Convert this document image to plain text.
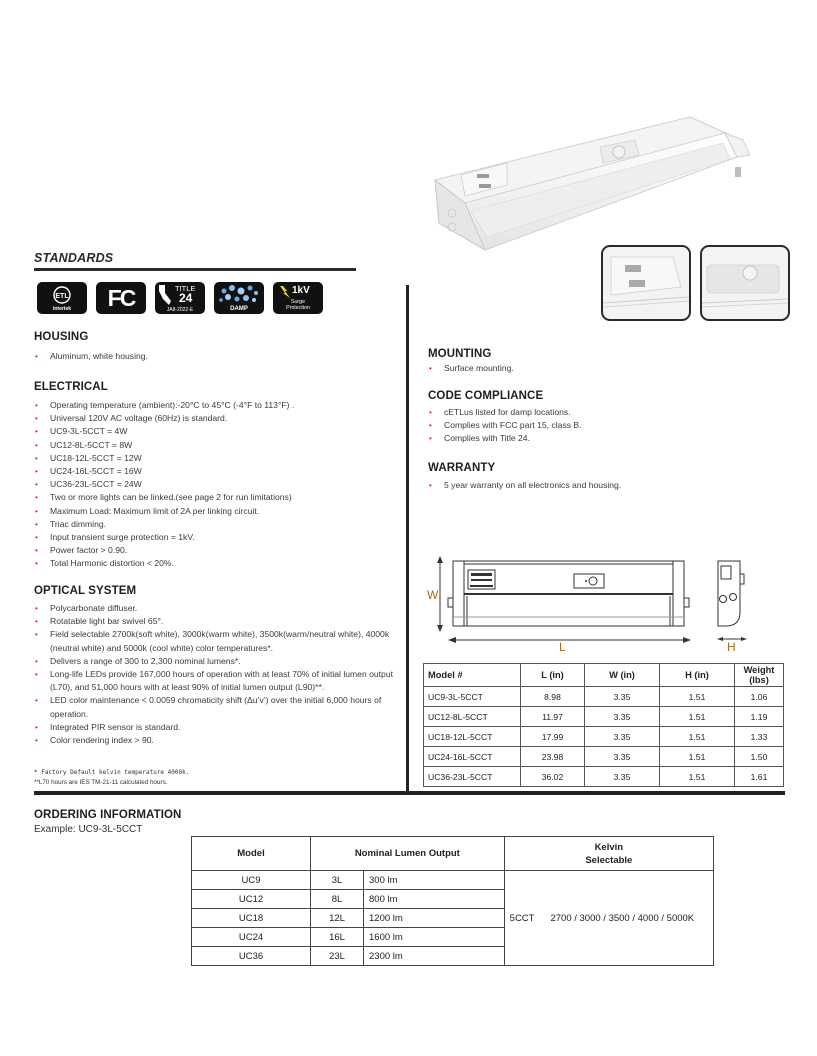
STANDARDS
ETL
Intertek	FC	TITLE
24
JA8-2022-E	DAMP
1kV
Surge
Protection
HOUSING
• Aluminum, white housing.
ELECTRICAL
• Operating temperature (ambient):-20°C to 45°C (-4°F to 113°F) .
• Universal 120V AC voltage (60Hz) is standard.
• UC9-3L-5CCT = 4W
• UC12-8L-5CCT = 8W
• UC18-12L-5CCT = 12W
• UC24-16L-5CCT = 16W
• UC36-23L-5CCT = 24W
• Two or more lights can be linked.(see page 2 for run limitations)
• Maximum Load: Maximum limit of 2A per linking circuit.
• Triac dimming.
• Input transient surge protection = 1kV.
• Power factor > 0.90.
• Total Harmonic distortion < 20%.
OPTICAL SYSTEM
• Polycarbonate diffuser.
• Rotatable light bar swivel 65°.
• Field selectable 2700k(soft white), 3000k(warm white), 3500k(warm/neutral white), 4000k (neutral white) and 5000k (cool white) color temperatures*.
• Delivers a range of 300 to 2,300 nominal lumens*.
• Long-life LEDs provide 167,000 hours of operation with at least 70% of initial lumen output (L70), and 51,000 hours with at least 90% of initial lumen output (L90)**.
• LED color maintenance < 0.0059 chromaticity shift (Δu’v’) over the initial 6,000 hours of operation.
• Integrated PIR sensor is standard.
• Color rendering index > 90.
* Factory Default kelvin temperature 4000k.
**L70 hours are IES TM-21-11 calculated hours.
MOUNTING
• Surface mounting.
CODE COMPLIANCE
• cETLus listed for damp locations.
• Complies with FCC part 15, class B.
• Complies with Title 24.
WARRANTY
• 5 year warranty on all electronics and housing.
W
L	H
Model #	L (in)	W (in)	H (in)	Weight (lbs)
UC9-3L-5CCT	8.98	3.35	1.51	1.06
UC12-8L-5CCT	11.97	3.35	1.51	1.19
UC18-12L-5CCT	17.99	3.35	1.51	1.33
UC24-16L-5CCT	23.98	3.35	1.51	1.50
UC36-23L-5CCT	36.02	3.35	1.51	1.61
ORDERING INFORMATION
Example: UC9-3L-5CCT
Model	Nominal Lumen Output		Kelvin
Selectable
UC9	3L	300 lm	5CCT 2700 / 3000 / 3500 / 4000 / 5000K
UC12	8L	800 lm	
UC18	12L	1200 lm	
UC24	16L	1600 lm	
UC36	23L	2300 lm	
